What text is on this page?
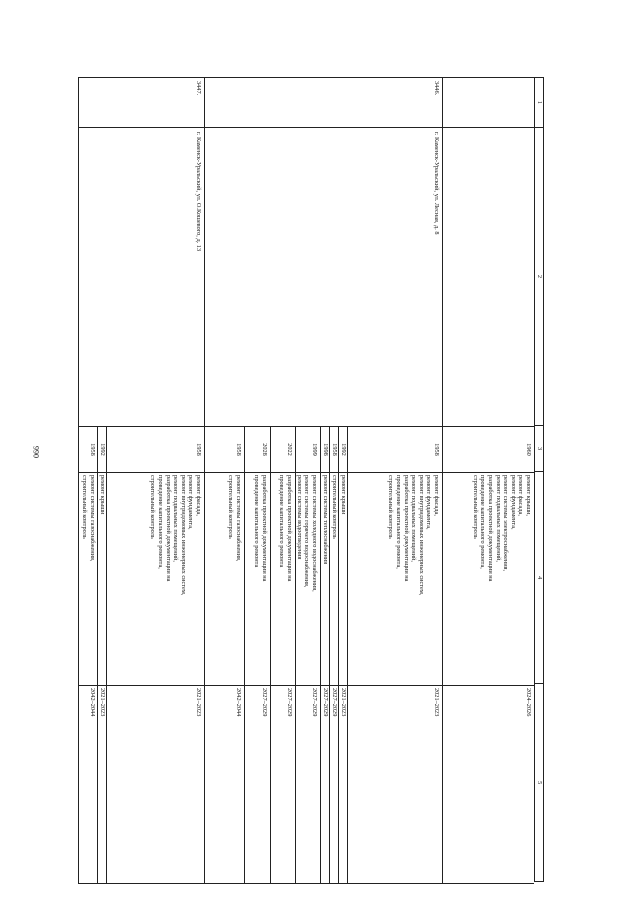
990
1
2
3
4
5
1960
ремонт крыши,
ремонт фасада,
ремонт фундамента,
ремонт системы электроснабжения,
ремонт подвальных помещений,
разработка проектной документации на
проведение капитального ремонта,
строительный контроль
2024–2026
3446.
г. Каменск-Уральский, ул. Лесная, д. 8
1958
ремонт фасада,
ремонт фундамента,
ремонт внутридомовых инженерных систем,
ремонт подвальных помещений,
разработка проектной документации на
проведение капитального ремонта,
строительный контроль
2021–2023
1992
ремонт крыши
2021–2023
1958
строительный контроль
2027–2029
1998
ремонт системы теплоснабжения
2027–2029
1999
ремонт системы холодного водоснабжения,
ремонт системы горячего водоснабжения,
ремонт системы водоотведения
2027–2029
2022
разработка проектной документации на
проведение капитального ремонта
2027–2029
2028
разработка проектной документации на
проведение капитального ремонта
2027–2029
1958
ремонт системы газоснабжения,
строительный контроль
2042–2044
3447.
г. Каменск-Уральский, ул. О.Кошевого, д. 13
1958
ремонт фасада,
ремонт фундамента,
ремонт внутридомовых инженерных систем,
ремонт подвальных помещений,
разработка проектной документации на
проведение капитального ремонта,
строительный контроль
2021–2023
1992
ремонт крыши
2021–2023
1958
ремонт системы газоснабжения,
строительный контроль
2042–2044
